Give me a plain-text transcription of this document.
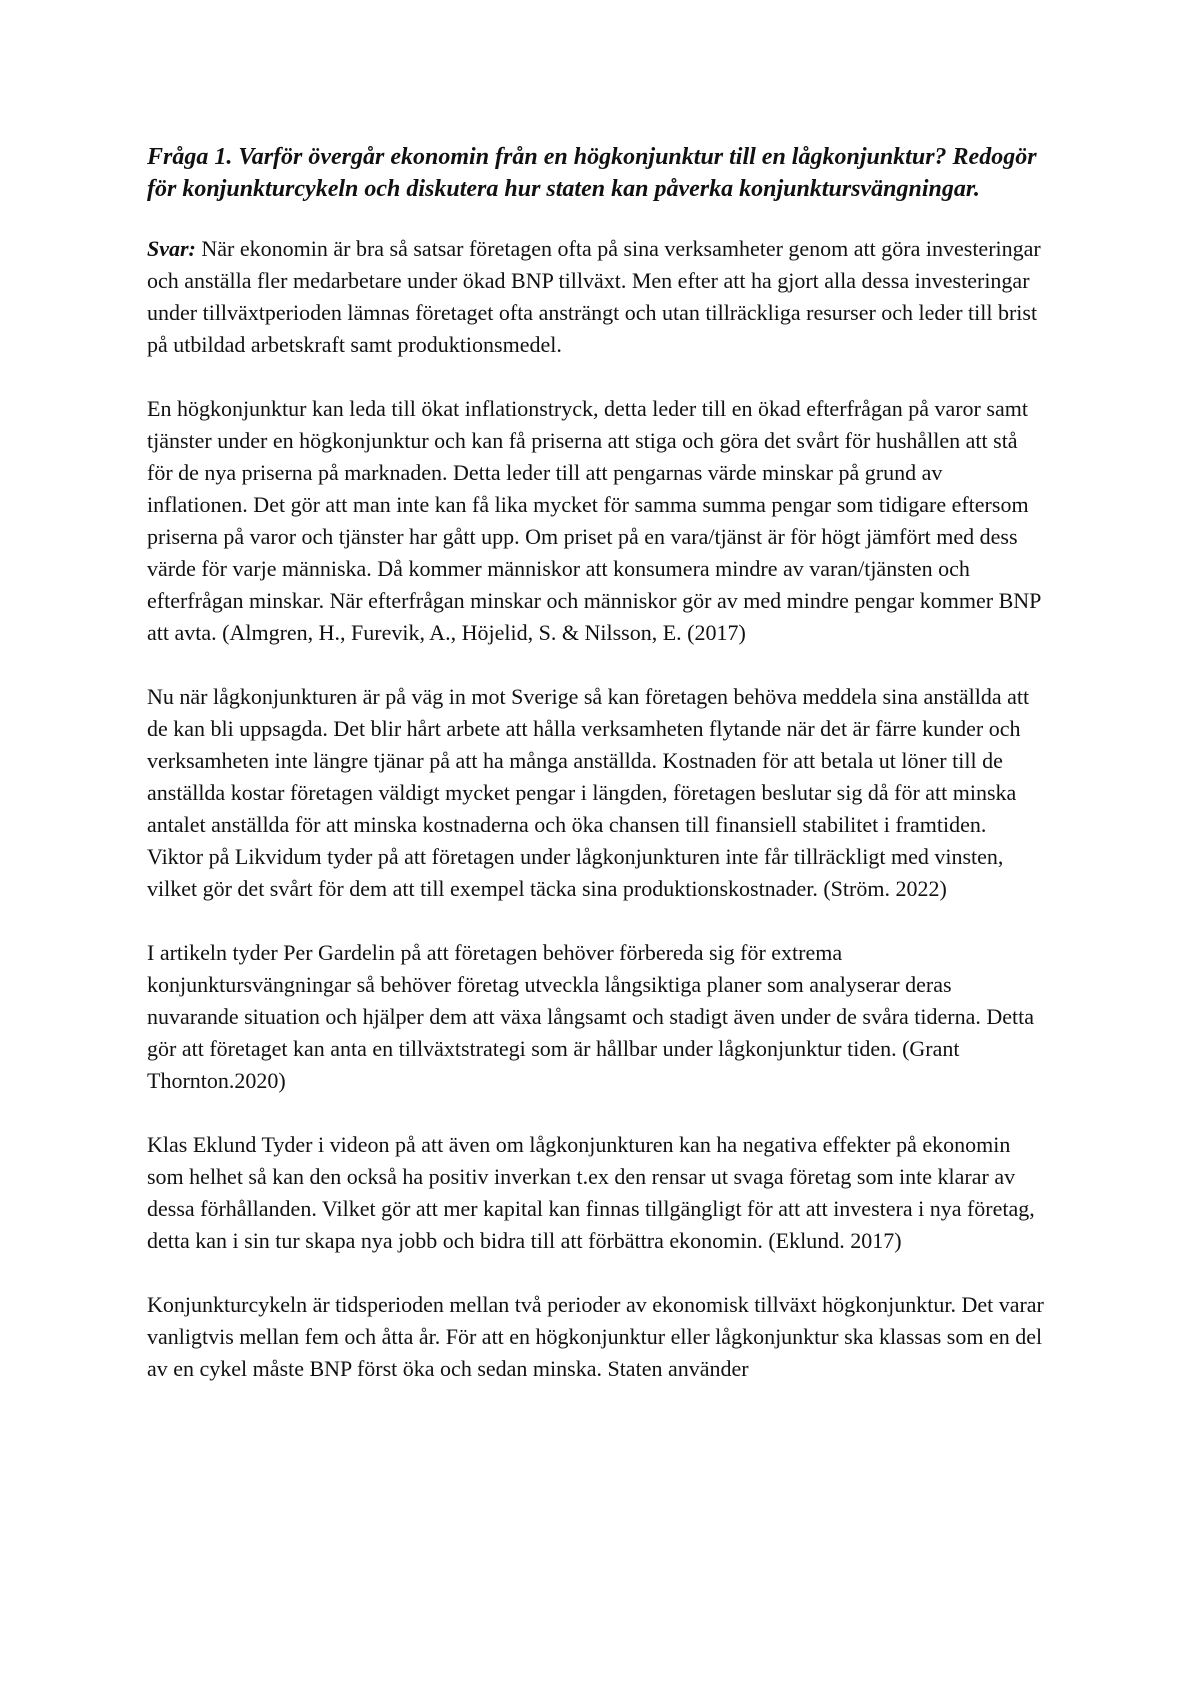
Fråga 1. Varför övergår ekonomin från en högkonjunktur till en lågkonjunktur? Redogör för konjunkturcykeln och diskutera hur staten kan påverka konjunktursvängningar.

Svar: När ekonomin är bra så satsar företagen ofta på sina verksamheter genom att göra investeringar och anställa fler medarbetare under ökad BNP tillväxt. Men efter att ha gjort alla dessa investeringar under tillväxtperioden lämnas företaget ofta ansträngt och utan tillräckliga resurser och leder till brist på utbildad arbetskraft samt produktionsmedel.

En högkonjunktur kan leda till ökat inflationstryck, detta leder till en ökad efterfrågan på varor samt tjänster under en högkonjunktur och kan få priserna att stiga och göra det svårt för hushållen att stå för de nya priserna på marknaden. Detta leder till att pengarnas värde minskar på grund av inflationen. Det gör att man inte kan få lika mycket för samma summa pengar som tidigare eftersom priserna på varor och tjänster har gått upp. Om priset på en vara/tjänst är för högt jämfört med dess värde för varje människa. Då kommer människor att konsumera mindre av varan/tjänsten och efterfrågan minskar. När efterfrågan minskar och människor gör av med mindre pengar kommer BNP att avta. (Almgren, H., Furevik, A., Höjelid, S. & Nilsson, E. (2017)

Nu när lågkonjunkturen är på väg in mot Sverige så kan företagen behöva meddela sina anställda att de kan bli uppsagda. Det blir hårt arbete att hålla verksamheten flytande när det är färre kunder och verksamheten inte längre tjänar på att ha många anställda. Kostnaden för att betala ut löner till de anställda kostar företagen väldigt mycket pengar i längden, företagen beslutar sig då för att minska antalet anställda för att minska kostnaderna och öka chansen till finansiell stabilitet i framtiden. Viktor på Likvidum tyder på att företagen under lågkonjunkturen inte får tillräckligt med vinsten, vilket gör det svårt för dem att till exempel täcka sina produktionskostnader. (Ström. 2022)

I artikeln tyder Per Gardelin på att företagen behöver förbereda sig för extrema konjunktursvängningar så behöver företag utveckla långsiktiga planer som analyserar deras nuvarande situation och hjälper dem att växa långsamt och stadigt även under de svåra tiderna. Detta gör att företaget kan anta en tillväxtstrategi som är hållbar under lågkonjunktur tiden. (Grant Thornton.2020)

Klas Eklund Tyder i videon på att även om lågkonjunkturen kan ha negativa effekter på ekonomin som helhet så kan den också ha positiv inverkan t.ex den rensar ut svaga företag som inte klarar av dessa förhållanden. Vilket gör att mer kapital kan finnas tillgängligt för att att investera i nya företag, detta kan i sin tur skapa nya jobb och bidra till att förbättra ekonomin. (Eklund. 2017)

Konjunkturcykeln är tidsperioden mellan två perioder av ekonomisk tillväxt högkonjunktur. Det varar vanligtvis mellan fem och åtta år. För att en högkonjunktur eller lågkonjunktur ska klassas som en del av en cykel måste BNP först öka och sedan minska. Staten använder
